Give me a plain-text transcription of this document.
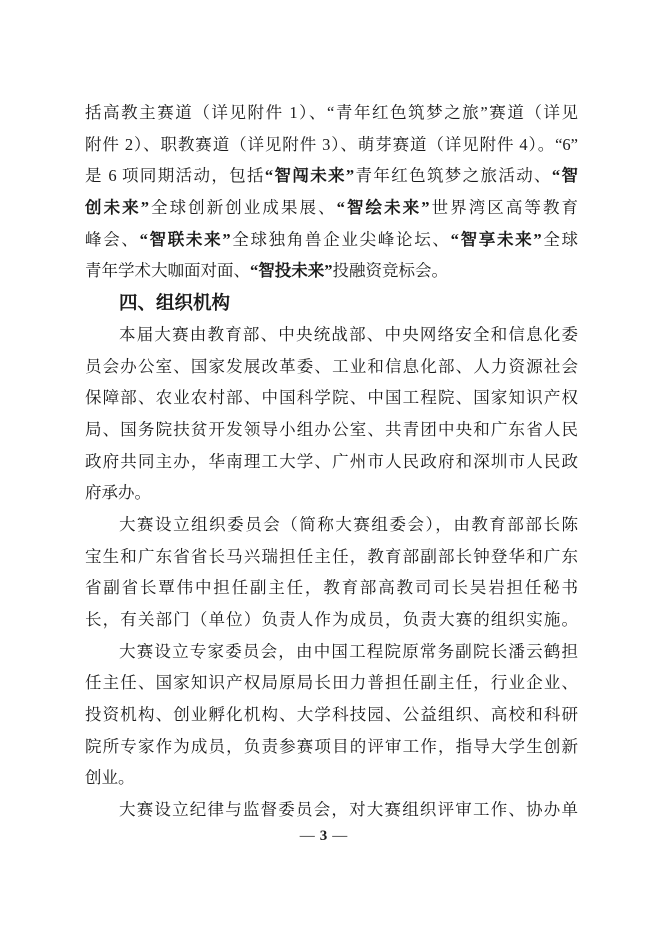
括高教主赛道（详见附件 1）、“青年红色筑梦之旅”赛道（详见
附件 2）、职教赛道（详见附件 3）、萌芽赛道（详见附件 4）。“6”
是 6 项同期活动，包括“智闯未来”青年红色筑梦之旅活动、“智
创未来”全球创新创业成果展、“智绘未来”世界湾区高等教育
峰会、“智联未来”全球独角兽企业尖峰论坛、“智享未来”全球
青年学术大咖面对面、“智投未来”投融资竞标会。
四、组织机构
本届大赛由教育部、中央统战部、中央网络安全和信息化委
员会办公室、国家发展改革委、工业和信息化部、人力资源社会
保障部、农业农村部、中国科学院、中国工程院、国家知识产权
局、国务院扶贫开发领导小组办公室、共青团中央和广东省人民
政府共同主办，华南理工大学、广州市人民政府和深圳市人民政
府承办。
大赛设立组织委员会（简称大赛组委会），由教育部部长陈
宝生和广东省省长马兴瑞担任主任，教育部副部长钟登华和广东
省副省长覃伟中担任副主任，教育部高教司司长吴岩担任秘书
长，有关部门（单位）负责人作为成员，负责大赛的组织实施。
大赛设立专家委员会，由中国工程院原常务副院长潘云鹤担
任主任、国家知识产权局原局长田力普担任副主任，行业企业、
投资机构、创业孵化机构、大学科技园、公益组织、高校和科研
院所专家作为成员，负责参赛项目的评审工作，指导大学生创新
创业。
大赛设立纪律与监督委员会，对大赛组织评审工作、协办单
— 3 —
